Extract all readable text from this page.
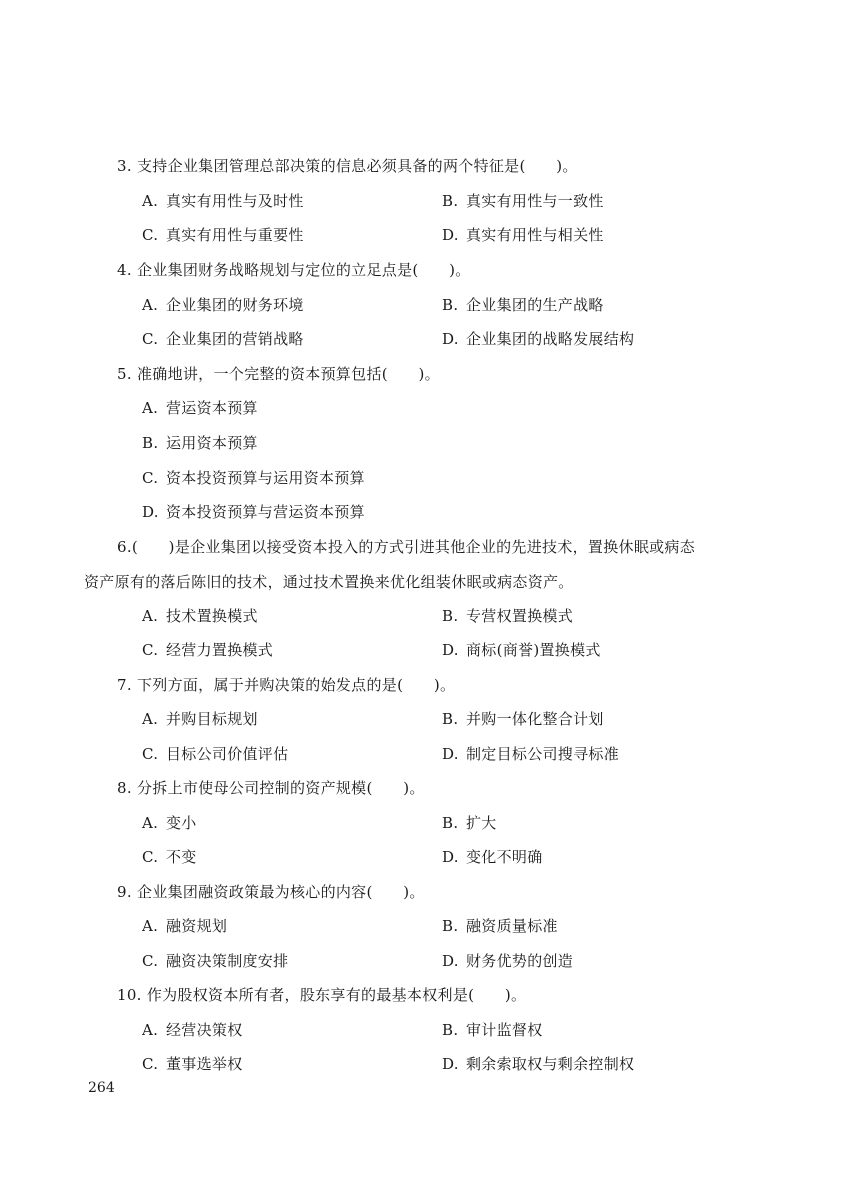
3. 支持企业集团管理总部决策的信息必须具备的两个特征是(　　)。
A. 真实有用性与及时性	B. 真实有用性与一致性
C. 真实有用性与重要性	D. 真实有用性与相关性
4. 企业集团财务战略规划与定位的立足点是(　　)。
A. 企业集团的财务环境	B. 企业集团的生产战略
C. 企业集团的营销战略	D. 企业集团的战略发展结构
5. 准确地讲，一个完整的资本预算包括(　　)。
A. 营运资本预算
B. 运用资本预算
C. 资本投资预算与运用资本预算
D. 资本投资预算与营运资本预算
6.(　　)是企业集团以接受资本投入的方式引进其他企业的先进技术，置换休眠或病态
资产原有的落后陈旧的技术，通过技术置换来优化组装休眠或病态资产。
A. 技术置换模式	B. 专营权置换模式
C. 经营力置换模式	D. 商标(商誉)置换模式
7. 下列方面，属于并购决策的始发点的是(　　)。
A. 并购目标规划	B. 并购一体化整合计划
C. 目标公司价值评估	D. 制定目标公司搜寻标准
8. 分拆上市使母公司控制的资产规模(　　)。
A. 变小	B. 扩大
C. 不变	D. 变化不明确
9. 企业集团融资政策最为核心的内容(　　)。
A. 融资规划	B. 融资质量标准
C. 融资决策制度安排	D. 财务优势的创造
10. 作为股权资本所有者，股东享有的最基本权利是(　　)。
A. 经营决策权	B. 审计监督权
C. 董事选举权	D. 剩余索取权与剩余控制权
264
